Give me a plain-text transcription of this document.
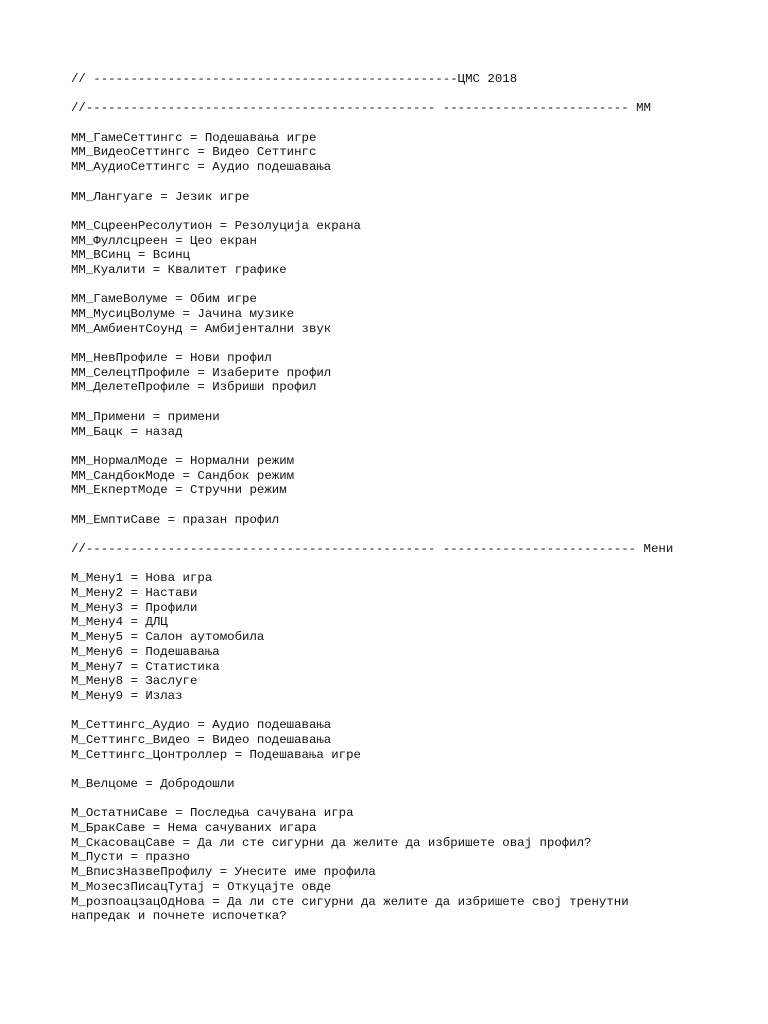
// -------------------------------------------------ЦМС 2018
//----------------------------------------------- ------------------------- ММ
ММ_ГамеСеттингс = Подешавања игре
ММ_ВидеоСеттингс = Видео Сеттингс
ММ_АудиоСеттингс = Аудио подешавања
ММ_Лангуаге = Језик игре
ММ_СцреенРесолутион = Резолуција екрана
ММ_Фуллсцреен = Цео екран
ММ_ВСинц = Всинц
ММ_Куалити = Квалитет графике
ММ_ГамеВолуме = Обим игре
ММ_МусицВолуме = Јачина музике
ММ_АмбиентСоунд = Амбијентални звук
ММ_НевПрофиле = Нови профил
ММ_СелецтПрофиле = Изаберите профил
ММ_ДелетеПрофиле = Избриши профил
ММ_Примени = примени
ММ_Бацк = назад
ММ_НормалМоде = Нормални режим
ММ_СандбокМоде = Сандбок режим
ММ_ЕкпертМоде = Стручни режим
ММ_ЕмптиСаве = празан профил
//----------------------------------------------- -------------------------- Мени
М_Мену1 = Нова игра
М_Мену2 = Настави
М_Мену3 = Профили
М_Мену4 = ДЛЦ
М_Мену5 = Салон аутомобила
М_Мену6 = Подешавања
М_Мену7 = Статистика
М_Мену8 = Заслуге
М_Мену9 = Излаз
М_Сеттингс_Аудио = Аудио подешавања
М_Сеттингс_Видео = Видео подешавања
М_Сеттингс_Цонтроллер = Подешавања игре
М_Велцоме = Добродошли
М_ОстатниСаве = Последња сачувана игра
М_БракСаве = Нема сачуваних игара
М_СкасовацСаве = Да ли сте сигурни да желите да избришете овај профил?
М_Пусти = празно
М_ВписзНазвеПрофилу = Унесите име профила
М_МозесзПисацТутај = Откуцајте овде
М_розпоацзацОдНова = Да ли сте сигурни да желите да избришете свој тренутни
напредак и почнете испочетка?
